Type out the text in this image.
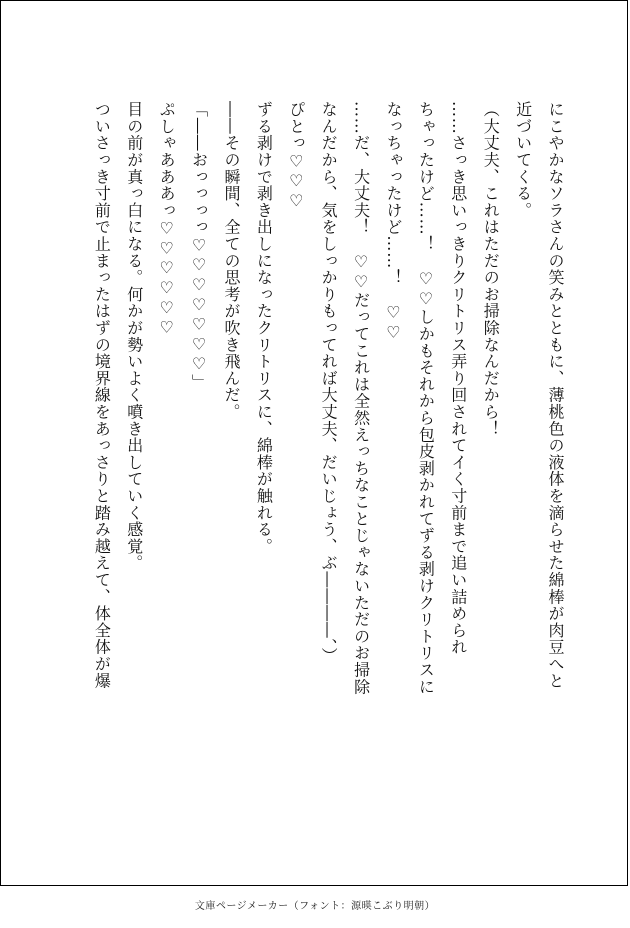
にこやかなソラさんの笑みとともに、薄桃色の液体を滴らせた綿棒が肉豆へと
近づいてくる。
（大丈夫、これはただのお掃除なんだから！
……さっき思いっきりクリトリス弄り回されてイく寸前まで追い詰められ
ちゃったけど……！　♡♡しかもそれから包皮剥かれてずる剥けクリトリスに
なっちゃったけど……！　♡♡
……だ、大丈夫！　♡♡だってこれは全然えっちなことじゃないただのお掃除
なんだから、気をしっかりもってれば大丈夫、だいじょう、ぶ――――、）
ぴとっ♡♡♡
ずる剥けで剥き出しになったクリトリスに、綿棒が触れる。
――その瞬間、全ての思考が吹き飛んだ。
「――おっっっっ♡♡♡♡♡♡♡」
ぷしゃあああっ♡♡♡♡♡♡
目の前が真っ白になる。何かが勢いよく噴き出していく感覚。
ついさっき寸前で止まったはずの境界線をあっさりと踏み越えて、体全体が爆
文庫ページメーカー（フォント：源暎こぶり明朝）
